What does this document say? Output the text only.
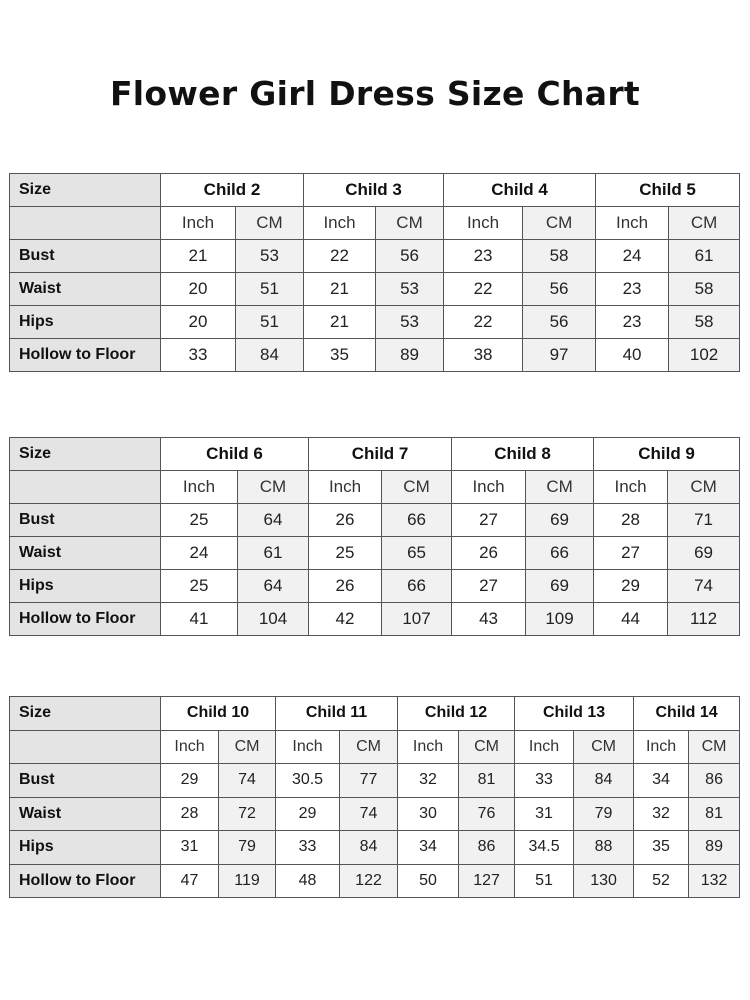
Flower Girl Dress Size Chart
Size	Child 2		Child 3		Child 4		Child 5	
	Inch	CM	Inch	CM	Inch	CM	Inch	CM
Bust	21	53	22	56	23	58	24	61
Waist	20	51	21	53	22	56	23	58
Hips	20	51	21	53	22	56	23	58
Hollow to Floor	33	84	35	89	38	97	40	102
Size	Child 6		Child 7		Child 8		Child 9	
	Inch	CM	Inch	CM	Inch	CM	Inch	CM
Bust	25	64	26	66	27	69	28	71
Waist	24	61	25	65	26	66	27	69
Hips	25	64	26	66	27	69	29	74
Hollow to Floor	41	104	42	107	43	109	44	112
Size	Child 10		Child 11		Child 12		Child 13		Child 14	
	Inch	CM	Inch	CM	Inch	CM	Inch	CM	Inch	CM
Bust	29	74	30.5	77	32	81	33	84	34	86
Waist	28	72	29	74	30	76	31	79	32	81
Hips	31	79	33	84	34	86	34.5	88	35	89
Hollow to Floor	47	119	48	122	50	127	51	130	52	132
